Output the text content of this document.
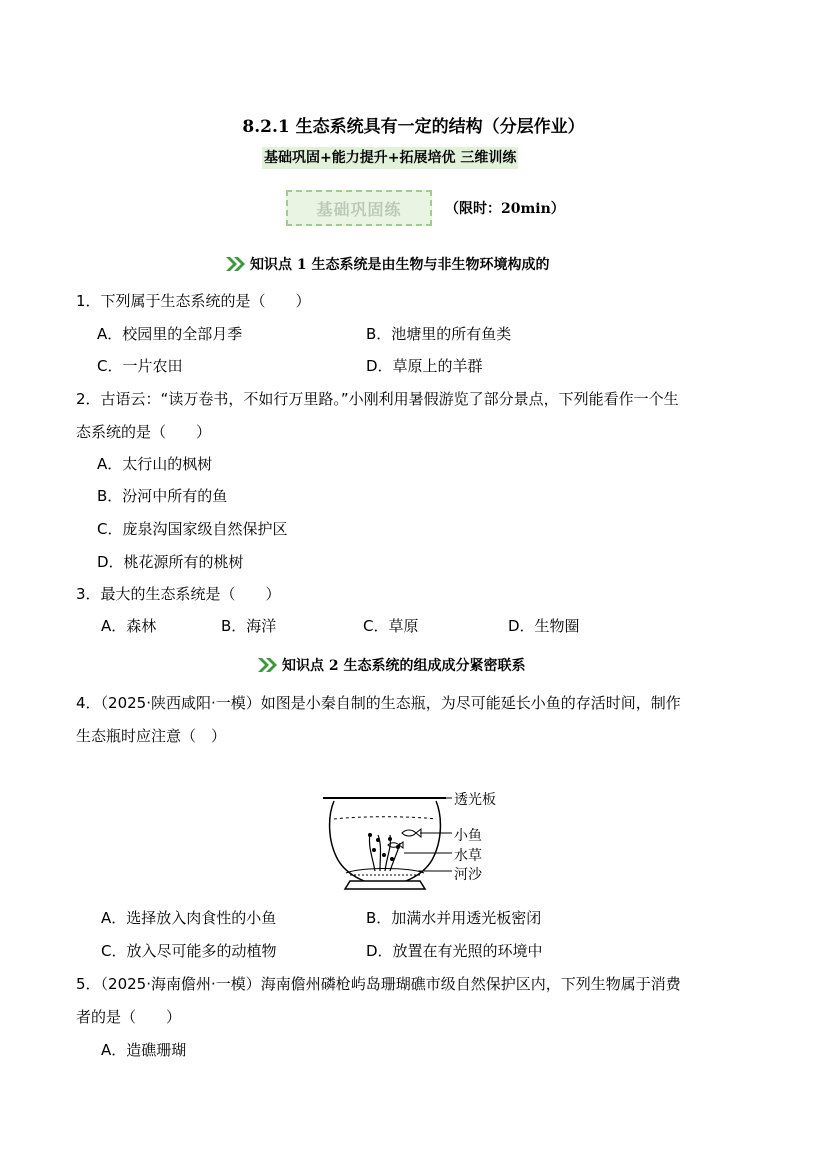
8.2.1 生态系统具有一定的结构（分层作业）
基础巩固+能力提升+拓展培优 三维训练
基础巩固练	（限时：20min）
知识点 1 生态系统是由生物与非生物环境构成的
1．下列属于生态系统的是（　　）
A．校园里的全部月季	B．池塘里的所有鱼类
C．一片农田	D．草原上的羊群
2．古语云：“读万卷书，不如行万里路。”小刚利用暑假游览了部分景点，下列能看作一个生
态系统的是（　　）
A．太行山的枫树
B．汾河中所有的鱼
C．庞泉沟国家级自然保护区
D．桃花源所有的桃树
3．最大的生态系统是（　　）
A．森林	B．海洋	C．草原	D．生物圈
知识点 2 生态系统的组成成分紧密联系
4．（2025·陕西咸阳·一模）如图是小秦自制的生态瓶，为尽可能延长小鱼的存活时间，制作
生态瓶时应注意（　）
透光板
小鱼
水草
河沙
A．选择放入肉食性的小鱼	B．加满水并用透光板密闭
C．放入尽可能多的动植物	D．放置在有光照的环境中
5．（2025·海南儋州·一模）海南儋州磷枪屿岛珊瑚礁市级自然保护区内，下列生物属于消费
者的是（　　）
A．造礁珊瑚
